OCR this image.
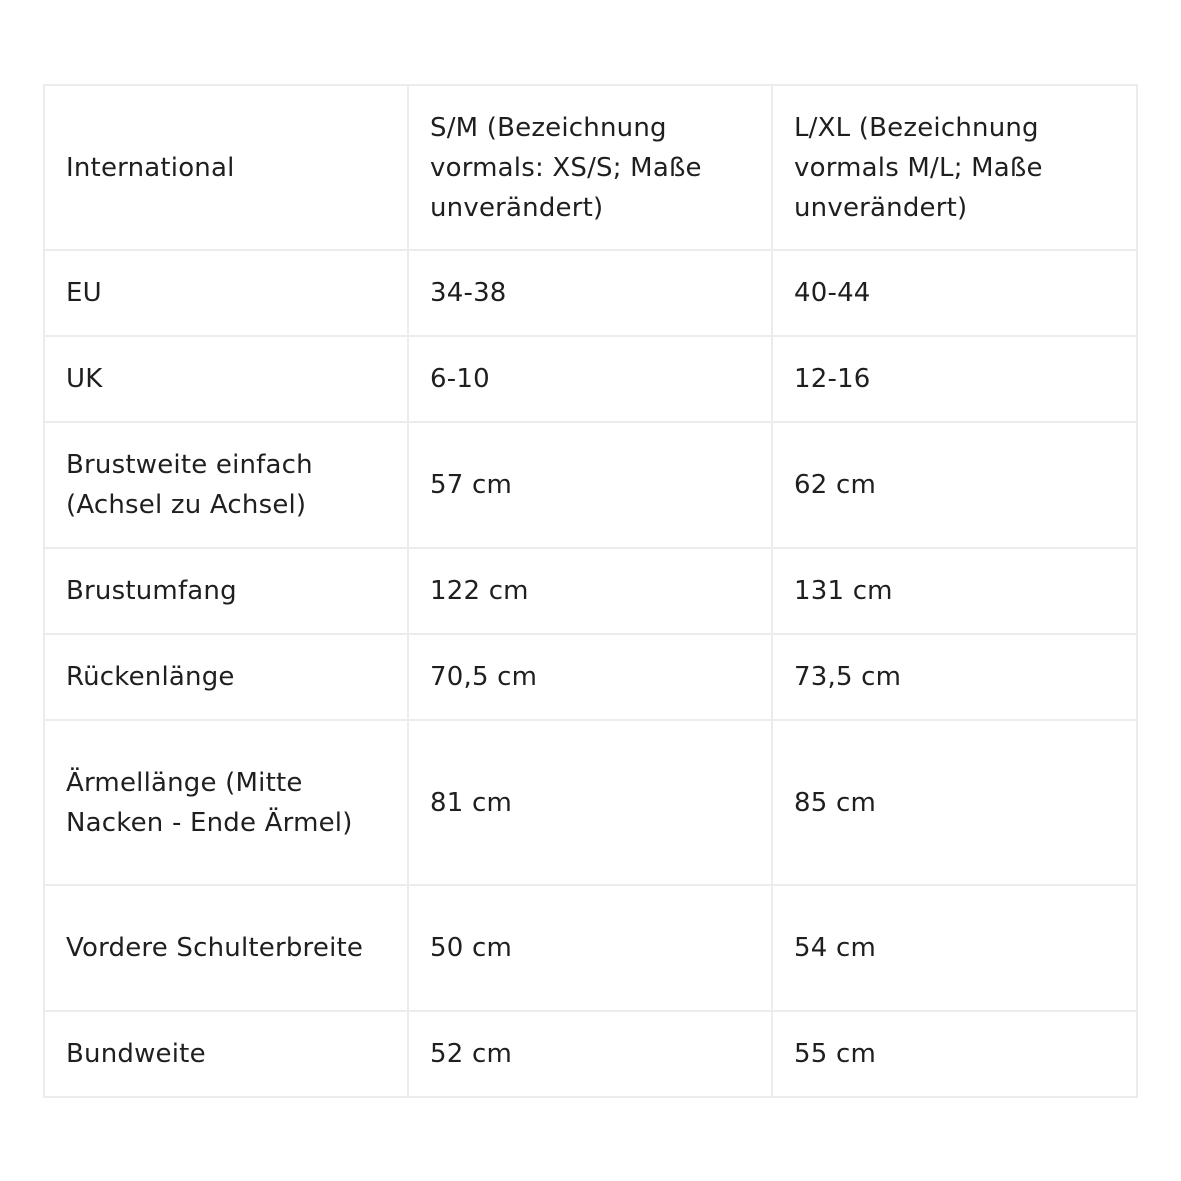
International	S/M (Bezeichnung vormals: XS/S; Maße unverändert)	L/XL (Bezeichnung vormals M/L; Maße unverändert)
EU	34-38	40-44
UK	6-10	12-16
Brustweite einfach (Achsel zu Achsel)	57 cm	62 cm
Brustumfang	122 cm	131 cm
Rückenlänge	70,5 cm	73,5 cm
Ärmellänge (Mitte Nacken - Ende Ärmel)	81 cm	85 cm
Vordere Schulterbreite	50 cm	54 cm
Bundweite	52 cm	55 cm
